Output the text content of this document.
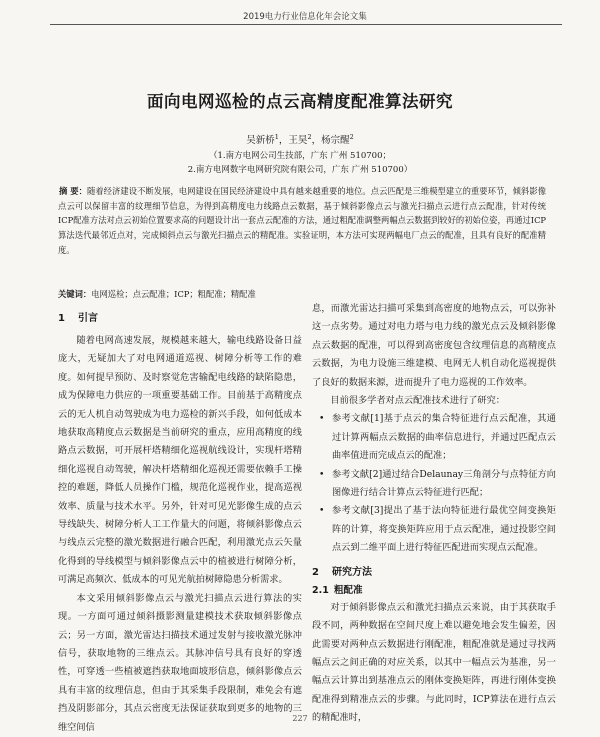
2019电力行业信息化年会论文集
面向电网巡检的点云高精度配准算法研究
吴新桥$^1$，王昊$^2$，杨宗醒$^2$
（1.南方电网公司生技部，广东 广州 510700；
2.南方电网数字电网研究院有限公司，广东 广州 510700）
摘 要：随着经济建设不断发展，电网建设在国民经济建设中具有越来越重要的地位。点云匹配是三维模型建立的重要环节，倾斜影像点云可以保留丰富的纹理细节信息，为得到高精度电力线路点云数据，基于倾斜影像点云与激光扫描点云进行点云配准，针对传统ICP配准方法对点云初始位置要求高的问题设计出一套点云配准的方法，通过粗配准调整两幅点云数据到较好的初始位姿，再通过ICP算法迭代最邻近点对，完成倾斜点云与激光扫描点云的精配准。实验证明，本方法可实现两幅电厂点云的配准，且具有良好的配准精度。
关键词：电网巡检；点云配准；ICP；粗配准；精配准
1 引言

随着电网高速发展，规模越来越大，输电线路设备日益庞大，无疑加大了对电网通道巡视、树障分析等工作的难度。如何提早预防、及时察觉危害输配电线路的缺陷隐患，成为保障电力供应的一项重要基础工作。目前基于高精度点云的无人机自动驾驶成为电力巡检的新兴手段，如何低成本地获取高精度点云数据是当前研究的重点，应用高精度的线路点云数据，可开展杆塔精细化巡视航线设计，实现杆塔精细化巡视自动驾驶，解决杆塔精细化巡视还需要依赖手工操控的难题，降低人员操作门槛，规范化巡视作业，提高巡视效率、质量与技术水平。另外，针对可见光影像生成的点云导线缺失、树障分析人工工作量大的问题，将倾斜影像点云与线点云完整的激光数据进行融合匹配，利用激光点云矢量化得到的导线模型与倾斜影像点云中的植被进行树障分析，可满足高频次、低成本的可见光航拍树障隐患分析需求。

本文采用倾斜影像点云与激光扫描点云进行算法的实现。一方面可通过倾斜摄影测量建模技术获取倾斜影像点云；另一方面，激光雷达扫描技术通过发射与接收激光脉冲信号，获取地物的三维点云。其脉冲信号具有良好的穿透性，可穿透一些植被遮挡获取地面坡形信息，倾斜影像点云具有丰富的纹理信息，但由于其采集手段限制，难免会有遮挡及阴影部分，其点云密度无法保证获取到更多的地物的三维空间信

息，而激光雷达扫描可采集到高密度的地物点云，可以弥补这一点劣势。通过对电力塔与电力线的激光点云及倾斜影像点云数据的配准，可以得到高密度包含纹理信息的高精度点云数据，为电力设施三维建模、电网无人机自动化巡视提供了良好的数据来源，进而提升了电力巡视的工作效率。

目前很多学者对点云配准技术进行了研究：

• 参考文献[1]基于点云的集合特征进行点云配准，其通过计算两幅点云数据的曲率信息进行，并通过匹配点云曲率值进而完成点云的配准；
• 参考文献[2]通过结合Delaunay三角剖分与点特征方向图像进行结合计算点云特征进行匹配；
• 参考文献[3]提出了基于法向特征进行最优空间变换矩阵的计算，将变换矩阵应用于点云配准，通过投影空间点云到二维平面上进行特征匹配进而实现点云配准。
2 研究方法
2.1 粗配准

对于倾斜影像点云和激光扫描点云来说，由于其获取手段不同，两种数据在空间尺度上难以避免地会发生偏差，因此需要对两种点云数据进行刚配准，粗配准就是通过寻找两幅点云之间正确的对应关系，以其中一幅点云为基准，另一幅点云计算出到基准点云的刚体变换矩阵，再进行刚体变换配准得到精准点云的步骤。与此同时，ICP算法在进行点云的精配准时，

227
